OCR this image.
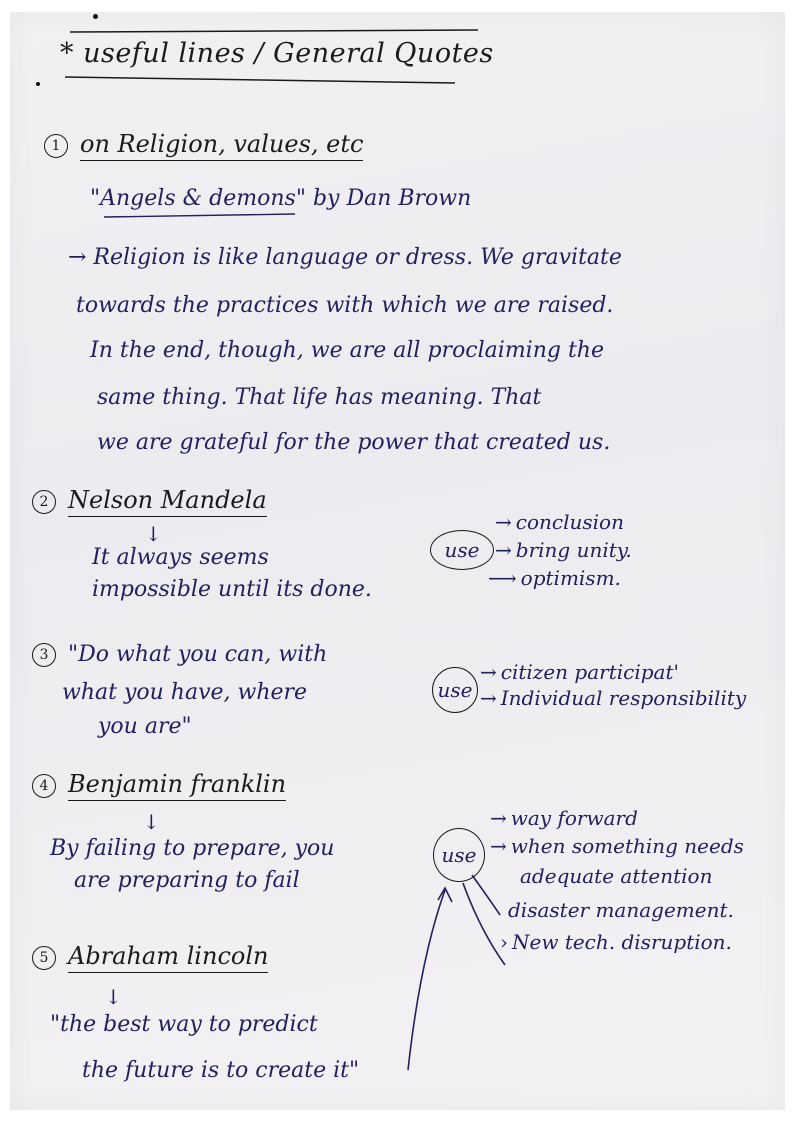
* useful lines / General Quotes
1 on Religion, values, etc
"Angels & demons" by Dan Brown
→ Religion is like language or dress. We gravitate
towards the practices with which we are raised.
In the end, though, we are all proclaiming the
same thing. That life has meaning. That
we are grateful for the power that created us.
2 Nelson Mandela
↓
It always seems
impossible until its done.
use
→ conclusion
→ bring unity.
⟶ optimism.
3 "Do what you can, with
what you have, where
you are"
use
→ citizen participat'
→ Individual responsibility
4 Benjamin franklin
↓
By failing to prepare, you
are preparing to fail
use
→ way forward
→ when something needs
adequate attention
disaster management.
› New tech. disruption.
5 Abraham lincoln
↓
"the best way to predict
the future is to create it"
